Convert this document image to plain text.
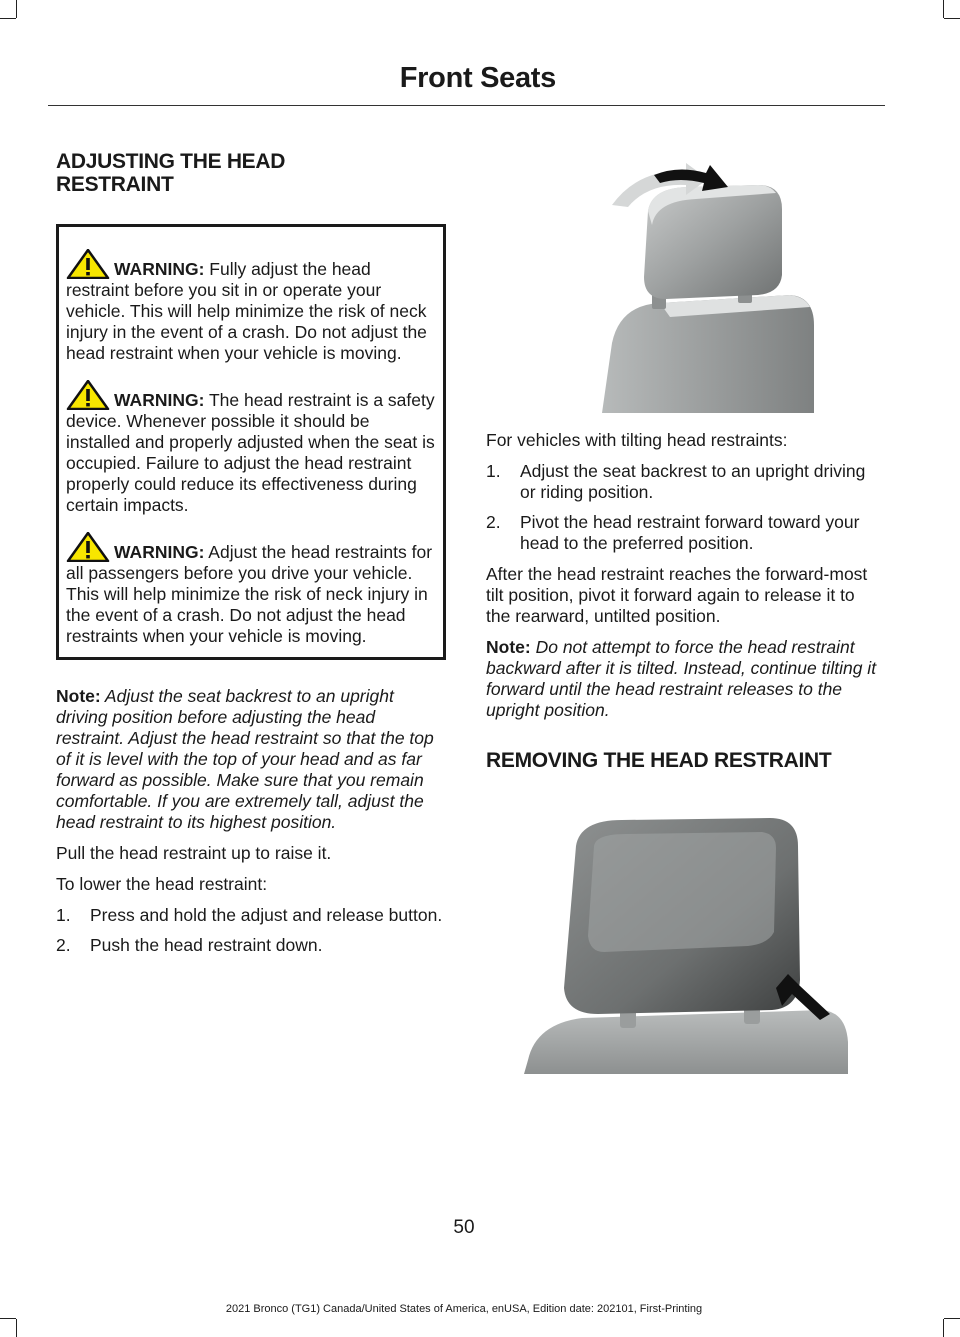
Front Seats
ADJUSTING THE HEAD
RESTRAINT

WARNING: Fully adjust the head restraint before you sit in or operate your vehicle. This will help minimize the risk of neck injury in the event of a crash. Do not adjust the head restraint when your vehicle is moving.

WARNING: The head restraint is a safety device. Whenever possible it should be installed and properly adjusted when the seat is occupied. Failure to adjust the head restraint properly could reduce its effectiveness during certain impacts.

WARNING: Adjust the head restraints for all passengers before you drive your vehicle. This will help minimize the risk of neck injury in the event of a crash. Do not adjust the head restraints when your vehicle is moving.

Note: Adjust the seat backrest to an upright driving position before adjusting the head restraint. Adjust the head restraint so that the top of it is level with the top of your head and as far forward as possible. Make sure that you remain comfortable. If you are extremely tall, adjust the head restraint to its highest position.

Pull the head restraint up to raise it.

To lower the head restraint:

1. Press and hold the adjust and release button.
2. Push the head restraint down.

For vehicles with tilting head restraints:

1. Adjust the seat backrest to an upright driving or riding position.
2. Pivot the head restraint forward toward your head to the preferred position.

After the head restraint reaches the forward-most tilt position, pivot it forward again to release it to the rearward, untilted position.

Note: Do not attempt to force the head restraint backward after it is tilted. Instead, continue tilting it forward until the head restraint releases to the upright position.

REMOVING THE HEAD RESTRAINT
50
2021 Bronco (TG1) Canada/United States of America, enUSA, Edition date: 202101, First-Printing
